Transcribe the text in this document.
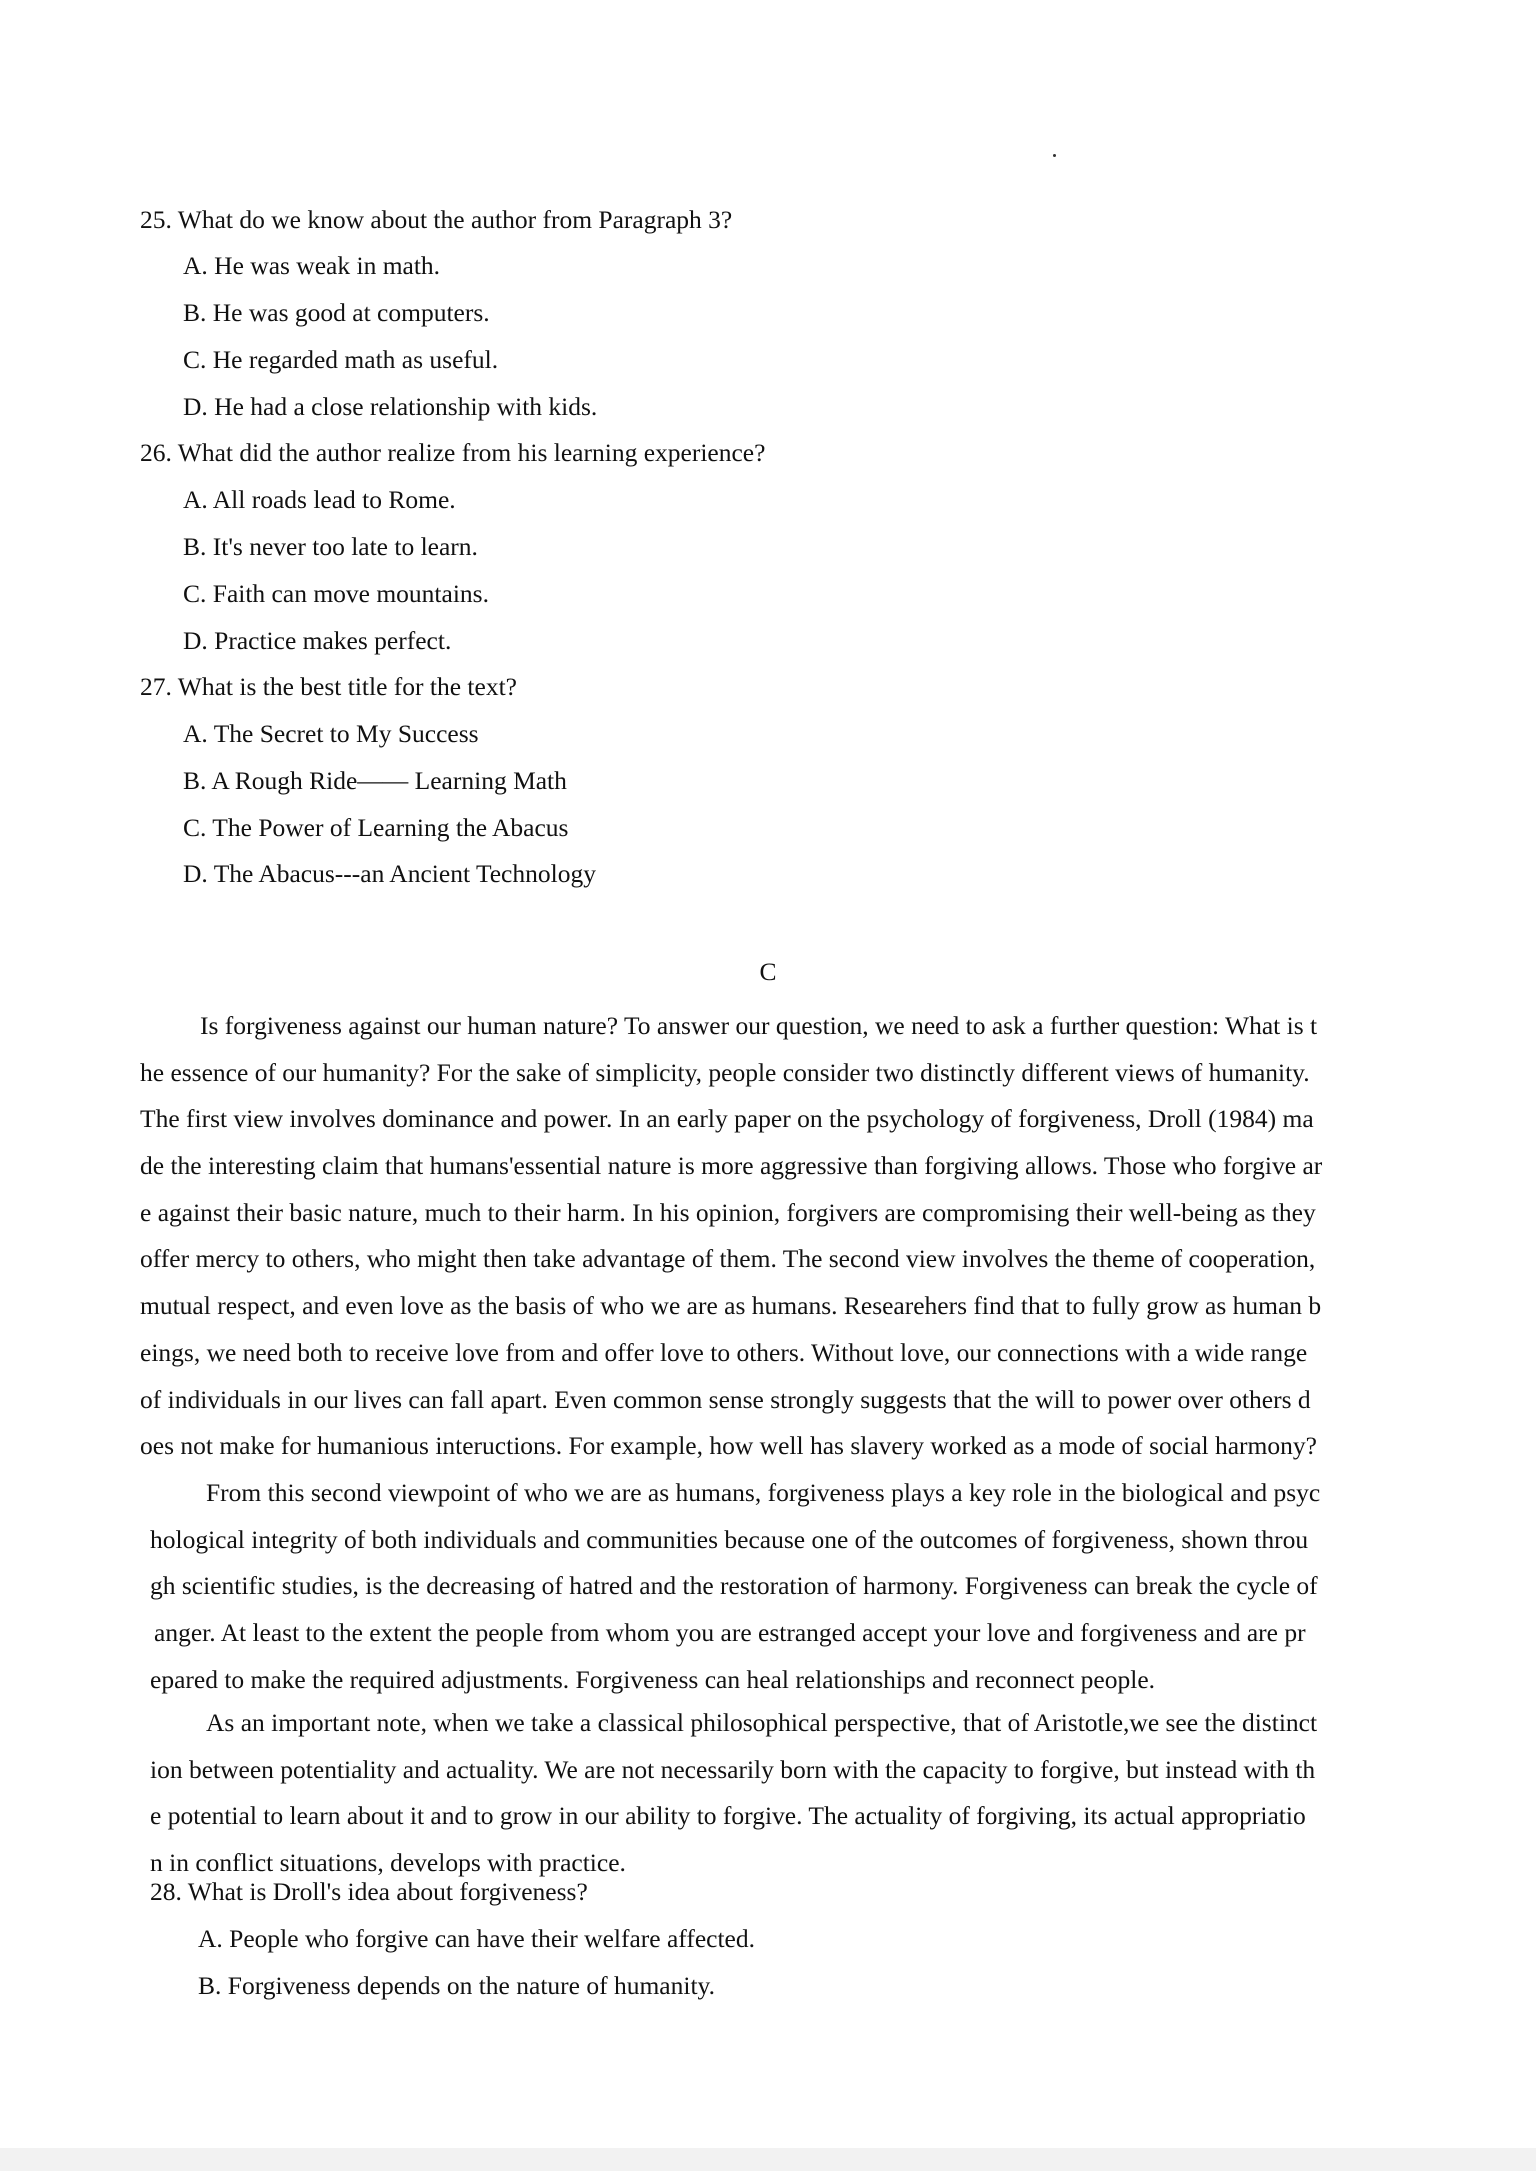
25. What do we know about the author from Paragraph 3?
A. He was weak in math.
B. He was good at computers.
C. He regarded math as useful.
D. He had a close relationship with kids.
26. What did the author realize from his learning experience?
A. All roads lead to Rome.
B. It's never too late to learn.
C. Faith can move mountains.
D. Practice makes perfect.
27. What is the best title for the text?
A. The Secret to My Success
B. A Rough Ride—— Learning Math
C. The Power of Learning the Abacus
D. The Abacus---an Ancient Technology
C
Is forgiveness against our human nature? To answer our question, we need to ask a further question: What is t
he essence of our humanity? For the sake of simplicity, people consider two distinctly different views of humanity.
The first view involves dominance and power. In an early paper on the psychology of forgiveness, Droll (1984) ma
de the interesting claim that humans'essential nature is more aggressive than forgiving allows. Those who forgive ar
e against their basic nature, much to their harm. In his opinion, forgivers are compromising their well-being as they
offer mercy to others, who might then take advantage of them. The second view involves the theme of cooperation,
mutual respect, and even love as the basis of who we are as humans. Researehers find that to fully grow as human b
eings, we need both to receive love from and offer love to others. Without love, our connections with a wide range
of individuals in our lives can fall apart. Even common sense strongly suggests that the will to power over others d
oes not make for humanious inteructions. For example, how well has slavery worked as a mode of social harmony?
From this second viewpoint of who we are as humans, forgiveness plays a key role in the biological and psyc
hological integrity of both individuals and communities because one of the outcomes of forgiveness, shown throu
gh scientific studies, is the decreasing of hatred and the restoration of harmony. Forgiveness can break the cycle of
anger. At least to the extent the people from whom you are estranged accept your love and forgiveness and are pr
epared to make the required adjustments. Forgiveness can heal relationships and reconnect people.
As an important note, when we take a classical philosophical perspective, that of Aristotle,we see the distinct
ion between potentiality and actuality. We are not necessarily born with the capacity to forgive, but instead with th
e potential to learn about it and to grow in our ability to forgive. The actuality of forgiving, its actual appropriatio
n in conflict situations, develops with practice.
28. What is Droll's idea about forgiveness?
A. People who forgive can have their welfare affected.
B. Forgiveness depends on the nature of humanity.
